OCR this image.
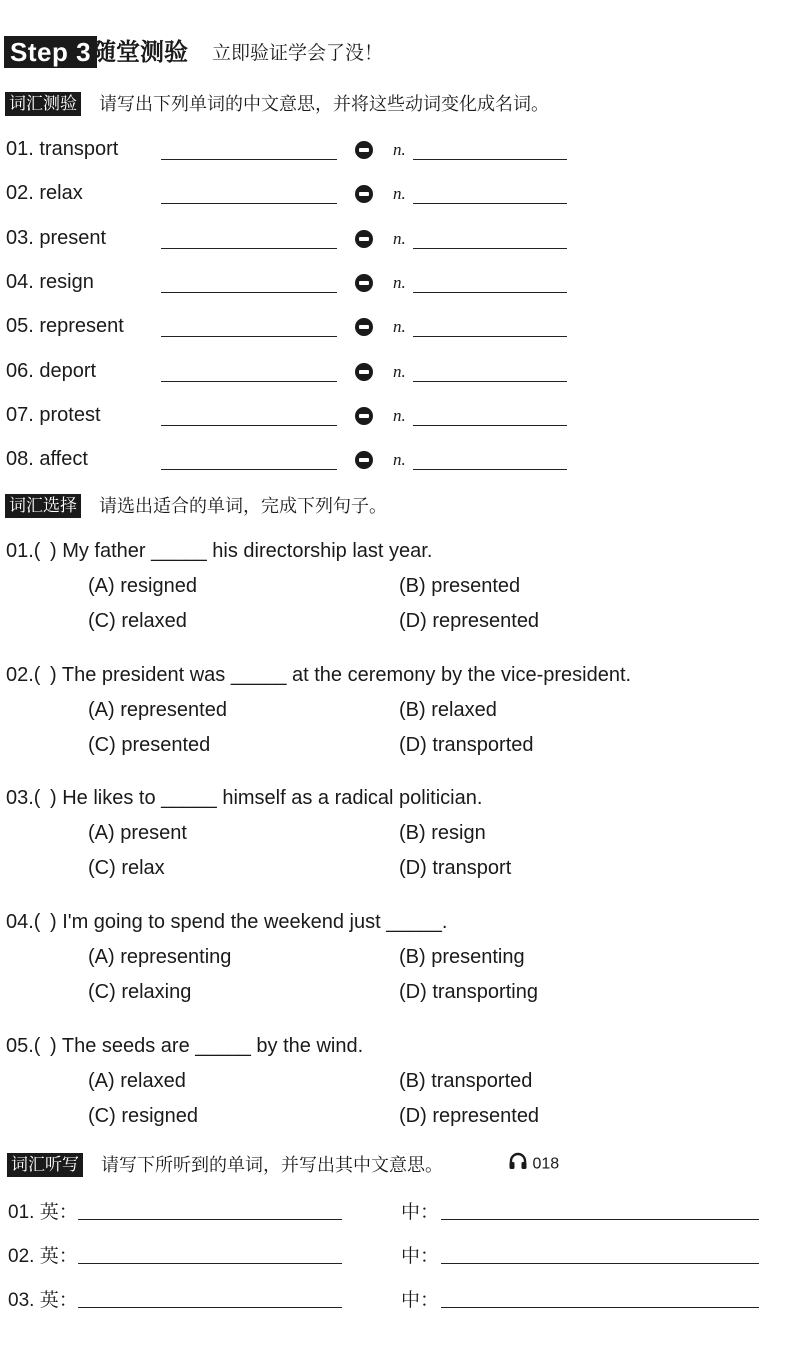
Step 3 随堂测验 立即验证学会了没！
词汇测验 请写出下列单词的中文意思，并将这些动词变化成名词。
01. transport	n.
02. relax	n.
03. present	n.
04. resign	n.
05. represent	n.
06. deport	n.
07. protest	n.
08. affect	n.
词汇选择 请选出适合的单词，完成下列句子。
01.( ) My father _____ his directorship last year.
(A) resigned	(B) presented
(C) relaxed	(D) represented
02.( ) The president was _____ at the ceremony by the vice-president.
(A) represented	(B) relaxed
(C) presented	(D) transported
03.( ) He likes to _____ himself as a radical politician.
(A) present	(B) resign
(C) relax	(D) transport
04.( ) I'm going to spend the weekend just _____.
(A) representing	(B) presenting
(C) relaxing	(D) transporting
05.( ) The seeds are _____ by the wind.
(A) relaxed	(B) transported
(C) resigned	(D) represented
词汇听写 请写下所听到的单词，并写出其中文意思。	018
01. 英：	中：
02. 英：	中：
03. 英：	中：
